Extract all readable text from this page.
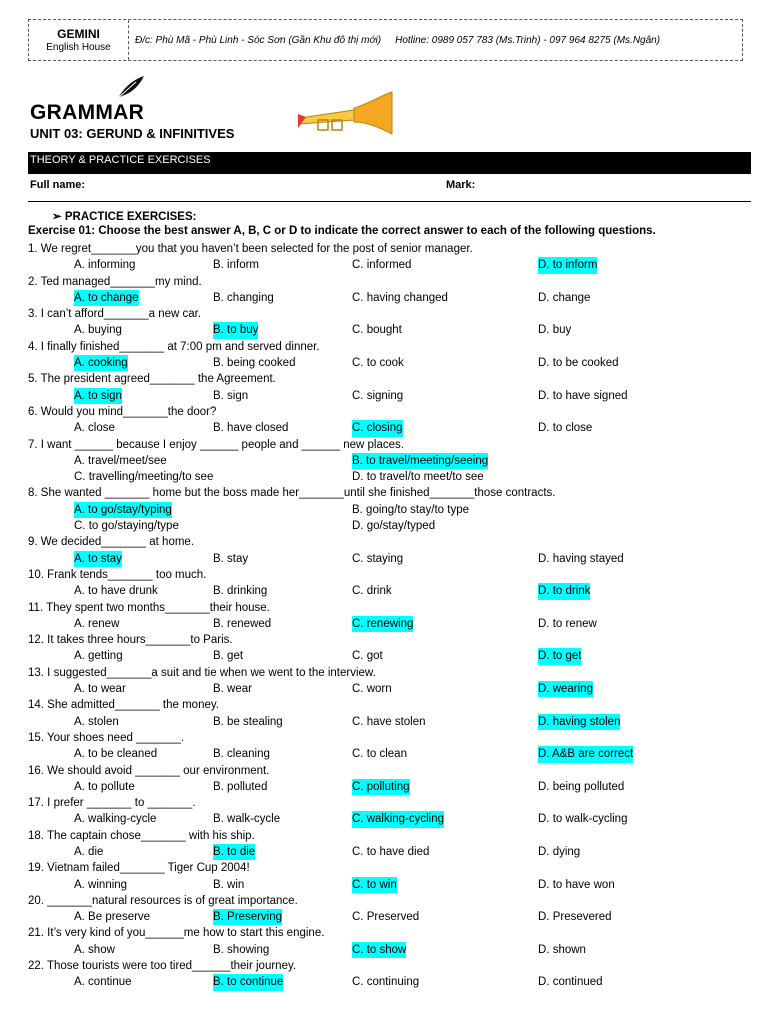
GEMINI
English House
Đ/c: Phù Mã - Phù Linh - Sóc Sơn (Gần Khu đô thị mới) Hotline: 0989 057 783 (Ms.Trinh) - 097 964 8275 (Ms.Ngân)
GRAMMAR
UNIT 03: GERUND & INFINITIVES
THEORY & PRACTICE EXERCISES
Full name:	Mark:
➢ PRACTICE EXERCISES:
Exercise 01: Choose the best answer A, B, C or D to indicate the correct answer to each of the following questions.
1. We regret_______you that you haven’t been selected for the post of senior manager.
A. informing	B. inform	C. informed	D. to inform
2. Ted managed_______my mind.
A. to change	B. changing	C. having changed	D. change
3. I can’t afford_______a new car.
A. buying	B. to buy	C. bought	D. buy
4. I finally finished_______ at 7:00 pm and served dinner.
A. cooking	B. being cooked	C. to cook	D. to be cooked
5. The president agreed_______ the Agreement.
A. to sign	B. sign	C. signing	D. to have signed
6. Would you mind_______the door?
A. close	B. have closed	C. closing	D. to close
7. I want ______ because I enjoy ______ people and ______ new places.
A. travel/meet/see	B. to travel/meeting/seeing
C. travelling/meeting/to see	D. to travel/to meet/to see
8. She wanted _______ home but the boss made her_______until she finished_______those contracts.
A. to go/stay/typing	B. going/to stay/to type
C. to go/staying/type	D. go/stay/typed
9. We decided_______ at home.
A. to stay	B. stay	C. staying	D. having stayed
10. Frank tends_______ too much.
A. to have drunk	B. drinking	C. drink	D. to drink
11. They spent two months_______their house.
A. renew	B. renewed	C. renewing	D. to renew
12. It takes three hours_______to Paris.
A. getting	B. get	C. got	D. to get
13. I suggested_______a suit and tie when we went to the interview.
A. to wear	B. wear	C. worn	D. wearing
14. She admitted_______ the money.
A. stolen	B. be stealing	C. have stolen	D. having stolen
15. Your shoes need _______.
A. to be cleaned	B. cleaning	C. to clean	D. A&B are correct
16. We should avoid _______ our environment.
A. to pollute	B. polluted	C. polluting	D. being polluted
17. I prefer _______ to _______.
A. walking-cycle	B. walk-cycle	C. walking-cycling	D. to walk-cycling
18. The captain chose_______ with his ship.
A. die	B. to die	C. to have died	D. dying
19. Vietnam failed_______ Tiger Cup 2004!
A. winning	B. win	C. to win	D. to have won
20. _______natural resources is of great importance.
A. Be preserve	B. Preserving	C. Preserved	D. Presevered
21. It’s very kind of you______me how to start this engine.
A. show	B. showing	C. to show	D. shown
22. Those tourists were too tired______their journey.
A. continue	B. to continue	C. continuing	D. continued
